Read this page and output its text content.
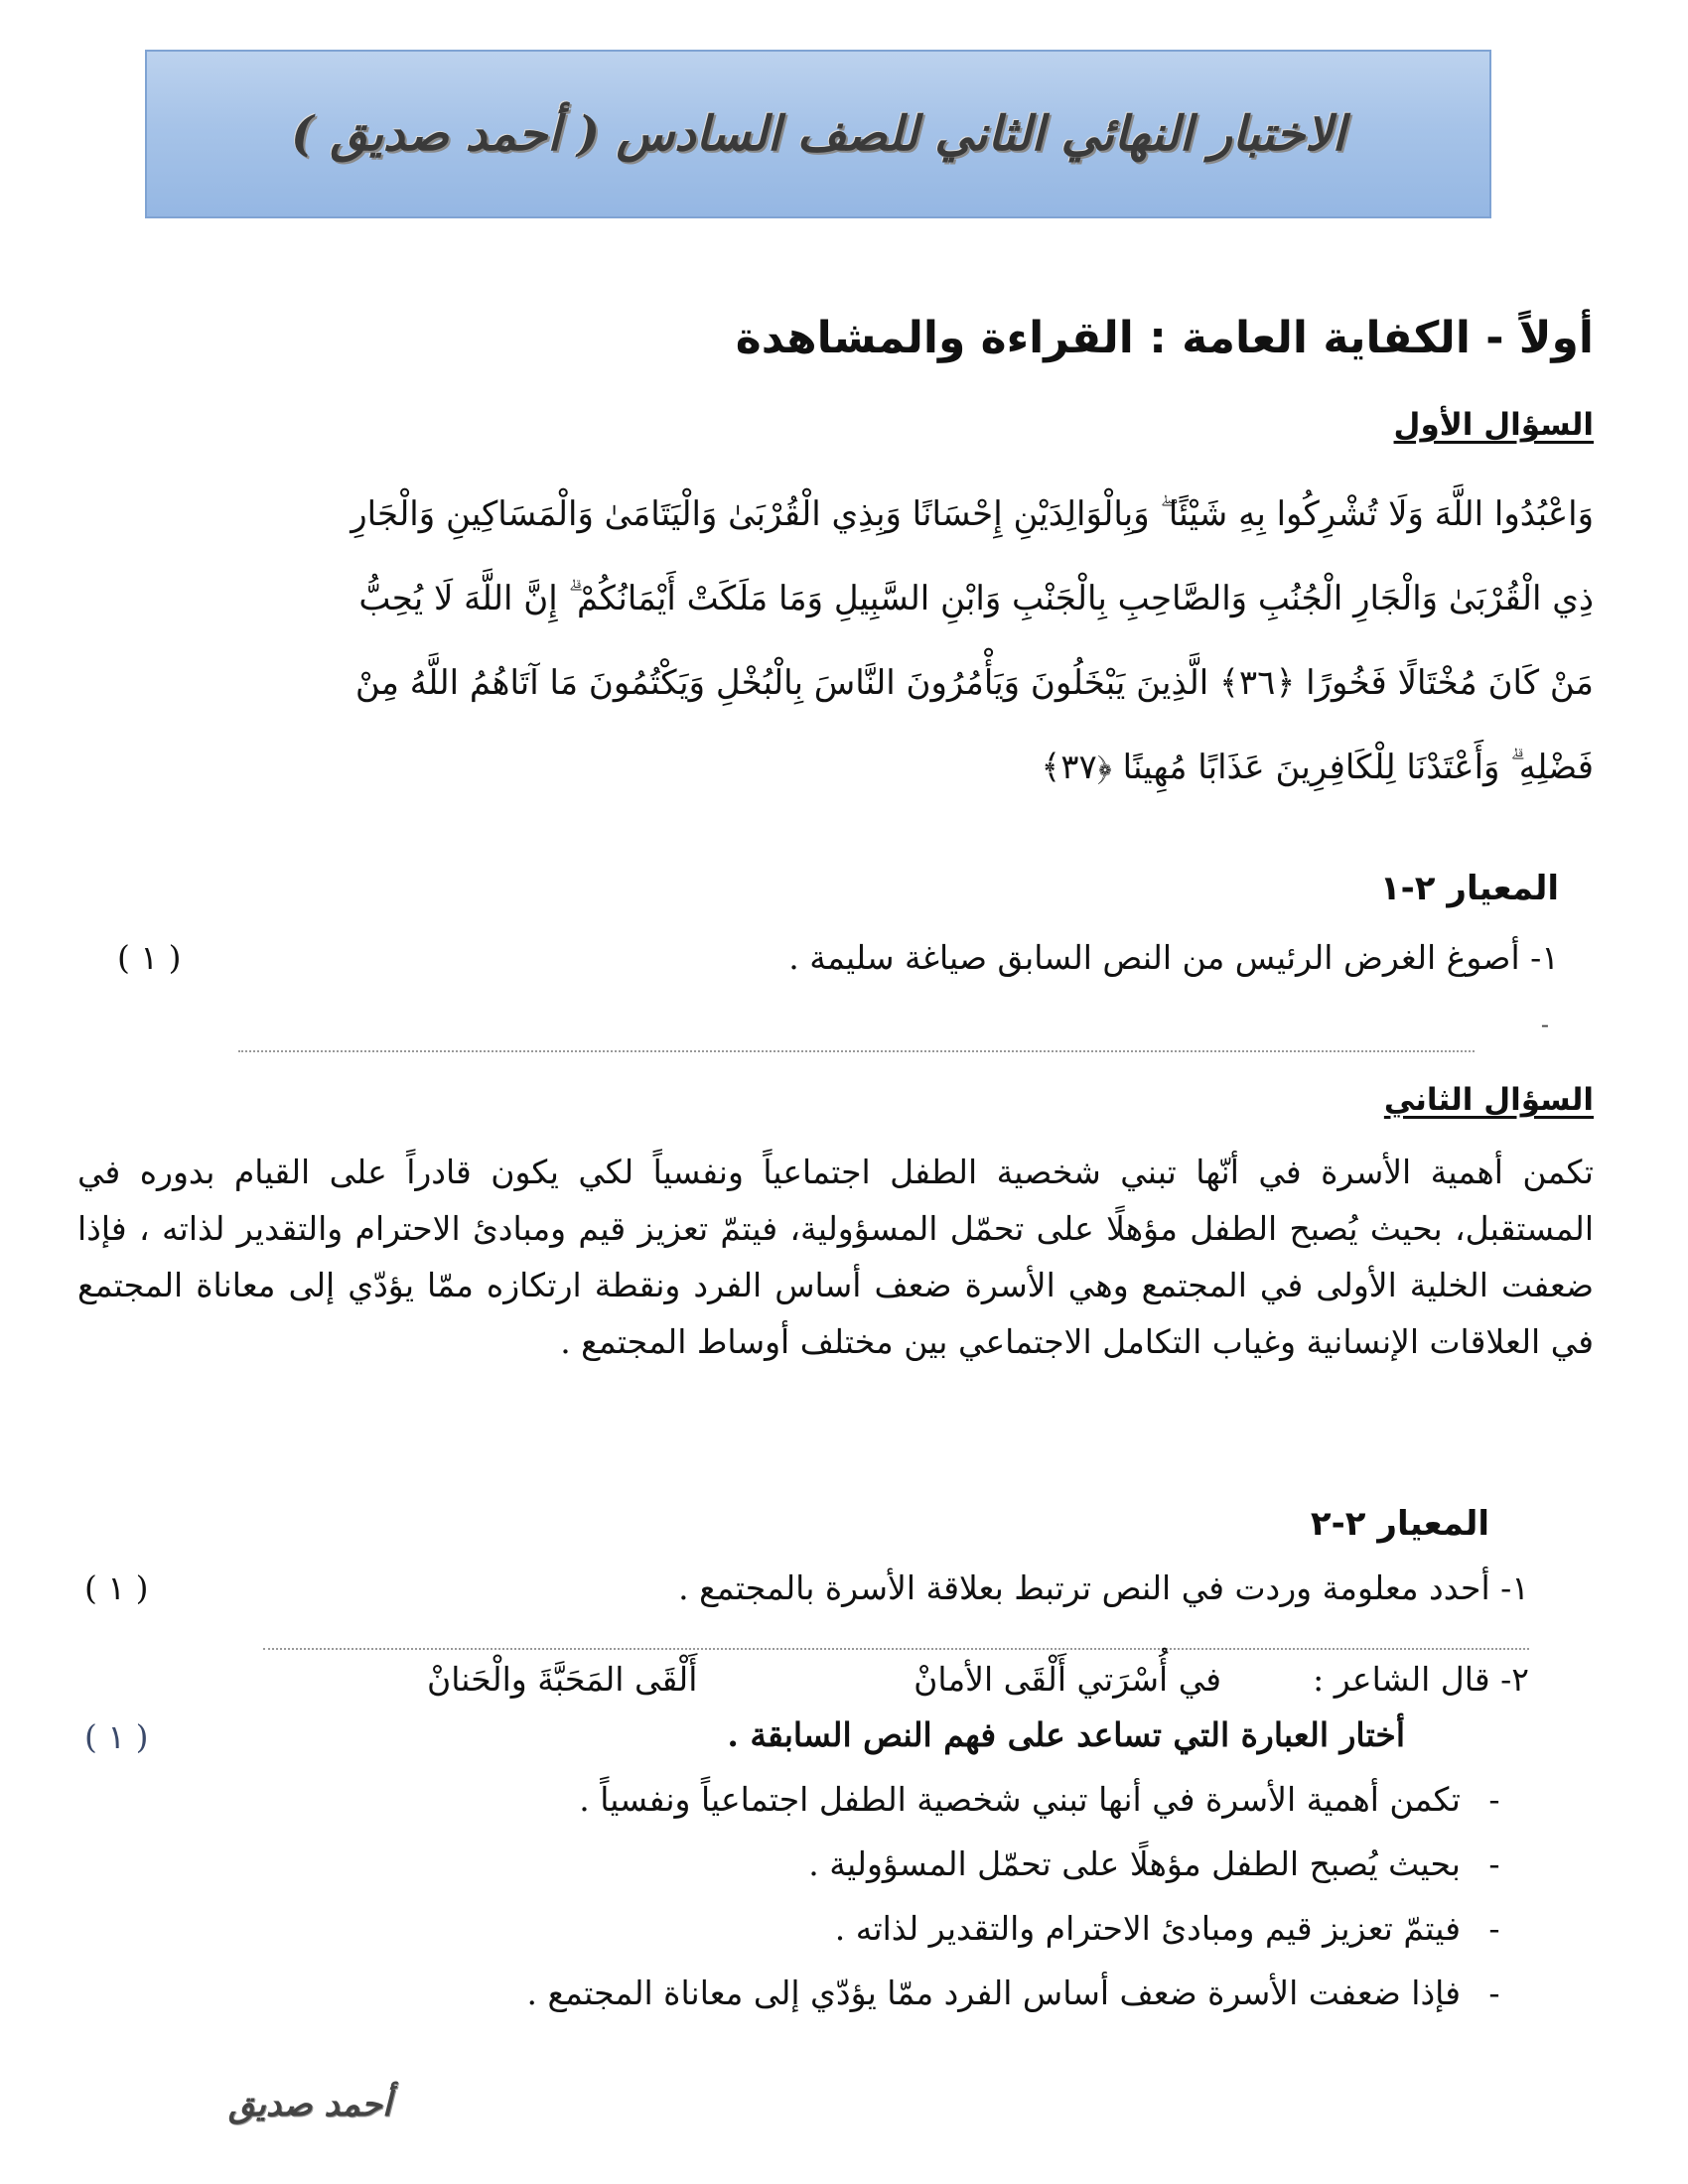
الاختبار النهائي الثاني للصف السادس ( أحمد صديق )
أولاً - الكفاية العامة : القراءة والمشاهدة
السؤال الأول
وَاعْبُدُوا اللَّهَ وَلَا تُشْرِكُوا بِهِ شَيْئًا ۖ وَبِالْوَالِدَيْنِ إِحْسَانًا وَبِذِي الْقُرْبَىٰ وَالْيَتَامَىٰ وَالْمَسَاكِينِ وَالْجَارِ
ذِي الْقُرْبَىٰ وَالْجَارِ الْجُنُبِ وَالصَّاحِبِ بِالْجَنْبِ وَابْنِ السَّبِيلِ وَمَا مَلَكَتْ أَيْمَانُكُمْ ۗ إِنَّ اللَّهَ لَا يُحِبُّ
مَنْ كَانَ مُخْتَالًا فَخُورًا ﴿٣٦﴾ الَّذِينَ يَبْخَلُونَ وَيَأْمُرُونَ النَّاسَ بِالْبُخْلِ وَيَكْتُمُونَ مَا آتَاهُمُ اللَّهُ مِنْ
فَضْلِهِ ۗ وَأَعْتَدْنَا لِلْكَافِرِينَ عَذَابًا مُهِينًا ﴿٣٧﴾
المعيار ٢-١
١- أصوغ الغرض الرئيس من النص السابق صياغة سليمة .
( ١ )
-
السؤال الثاني
تكمن أهمية الأسرة في أنّها تبني شخصية الطفل اجتماعياً ونفسياً لكي يكون قادراً على القيام بدوره في المستقبل، بحيث يُصبح الطفل مؤهلًا على تحمّل المسؤولية، فيتمّ تعزيز قيم ومبادئ الاحترام والتقدير لذاته ، فإذا ضعفت الخلية الأولى في المجتمع وهي الأسرة ضعف أساس الفرد ونقطة ارتكازه ممّا يؤدّي إلى معاناة المجتمع في العلاقات الإنسانية وغياب التكامل الاجتماعي بين مختلف أوساط المجتمع .
المعيار ٢-٢
١- أحدد معلومة وردت في النص ترتبط بعلاقة الأسرة بالمجتمع .
( ١ )
٢- قال الشاعر :
في أُسْرَتي أَلْقَى الأمانْ
أَلْقَى المَحَبَّةَ والْحَنانْ
أختار العبارة التي تساعد على فهم النص السابقة .
( ١ )
-
تكمن أهمية الأسرة في أنها تبني شخصية الطفل اجتماعياً ونفسياً .
-
بحيث يُصبح الطفل مؤهلًا على تحمّل المسؤولية .
-
فيتمّ تعزيز قيم ومبادئ الاحترام والتقدير لذاته .
-
فإذا ضعفت الأسرة ضعف أساس الفرد ممّا يؤدّي إلى معاناة المجتمع .
أحمد صديق
